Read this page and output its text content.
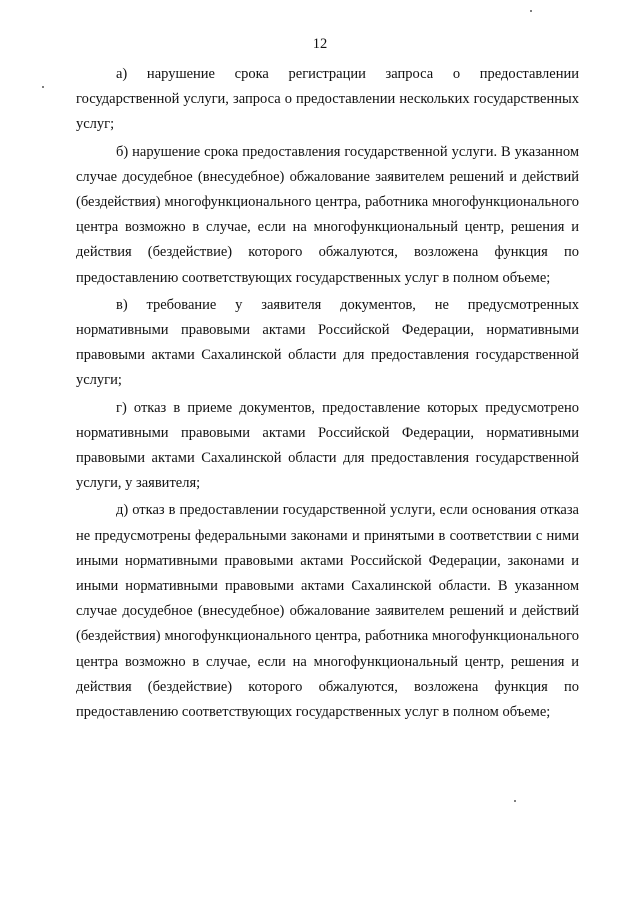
12

а) нарушение срока регистрации запроса о предоставлении государственной услуги, запроса о предоставлении нескольких государственных услуг;

б) нарушение срока предоставления государственной услуги. В указанном случае досудебное (внесудебное) обжалование заявителем решений и действий (бездействия) многофункционального центра, работника многофункционального центра возможно в случае, если на многофункциональный центр, решения и действия (бездействие) которого обжалуются, возложена функция по предоставлению соответствующих государственных услуг в полном объеме;

в) требование у заявителя документов, не предусмотренных нормативными правовыми актами Российской Федерации, нормативными правовыми актами Сахалинской области для предоставления государственной услуги;

г) отказ в приеме документов, предоставление которых предусмотрено нормативными правовыми актами Российской Федерации, нормативными правовыми актами Сахалинской области для предоставления государственной услуги, у заявителя;

д) отказ в предоставлении государственной услуги, если основания отказа не предусмотрены федеральными законами и принятыми в соответствии с ними иными нормативными правовыми актами Российской Федерации, законами и иными нормативными правовыми актами Сахалинской области. В указанном случае досудебное (внесудебное) обжалование заявителем решений и действий (бездействия) многофункционального центра, работника многофункционального центра возможно в случае, если на многофункциональный центр, решения и действия (бездействие) которого обжалуются, возложена функция по предоставлению соответствующих государственных услуг в полном объеме;
